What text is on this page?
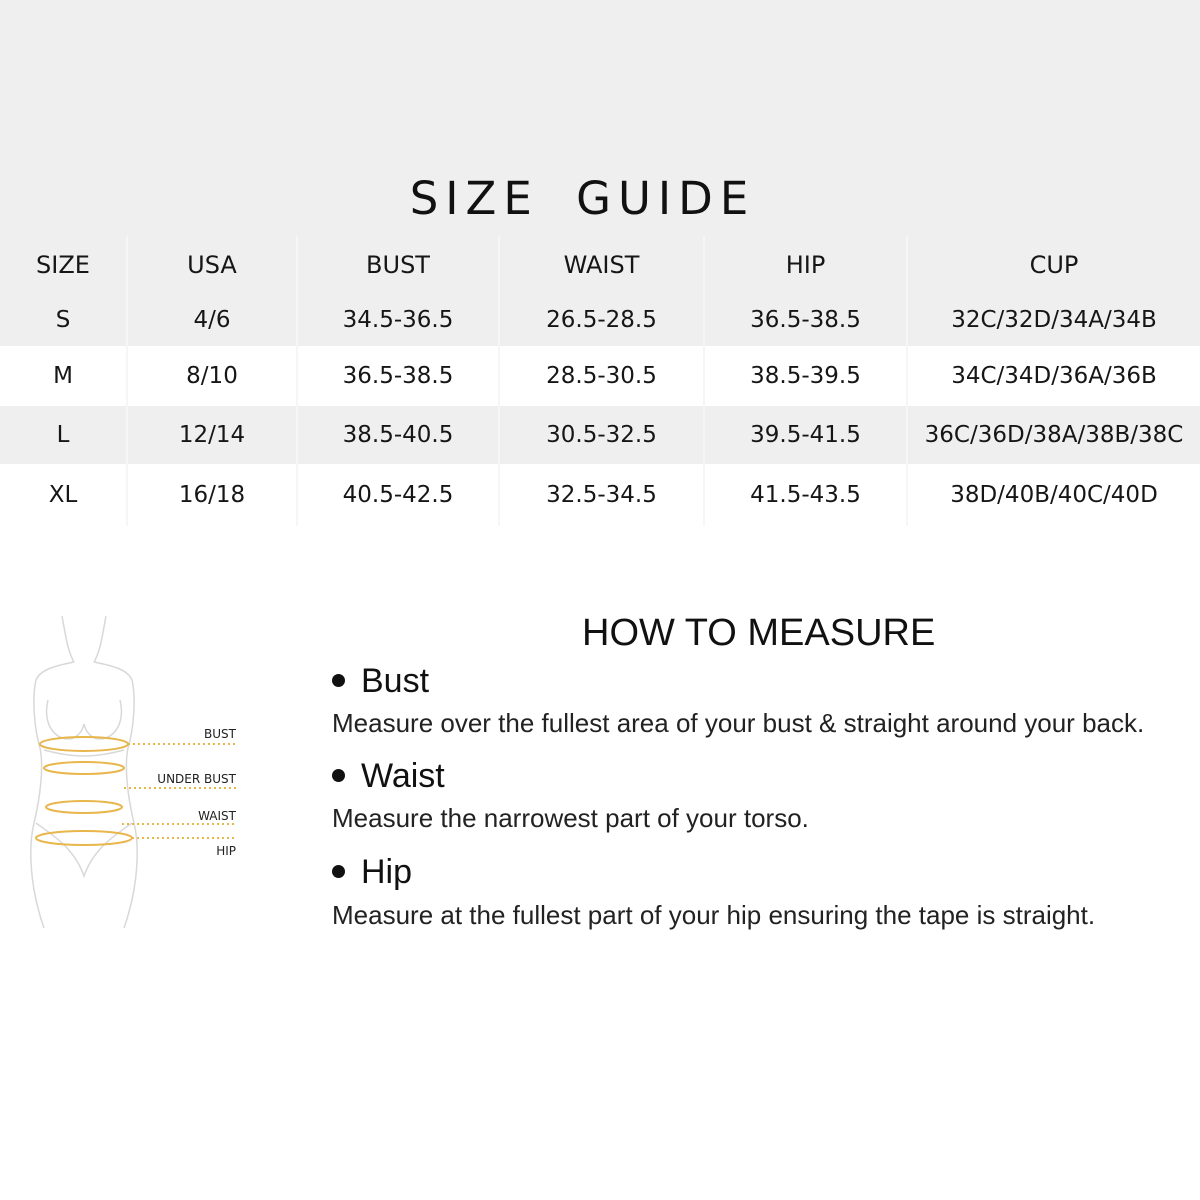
SIZE GUIDE
SIZE	USA	BUST	WAIST	HIP	CUP
S	4/6	34.5-36.5	26.5-28.5	36.5-38.5	32C/32D/34A/34B
M	8/10	36.5-38.5	28.5-30.5	38.5-39.5	34C/34D/36A/36B
L	12/14	38.5-40.5	30.5-32.5	39.5-41.5	36C/36D/38A/38B/38C
XL	16/18	40.5-42.5	32.5-34.5	41.5-43.5	38D/40B/40C/40D
BUST
UNDER BUST
WAIST
HIP
HOW TO MEASURE
Bust
Measure over the fullest area of your bust & straight around your back.
Waist
Measure the narrowest part of your torso.
Hip
Measure at the fullest part of your hip ensuring the tape is straight.
